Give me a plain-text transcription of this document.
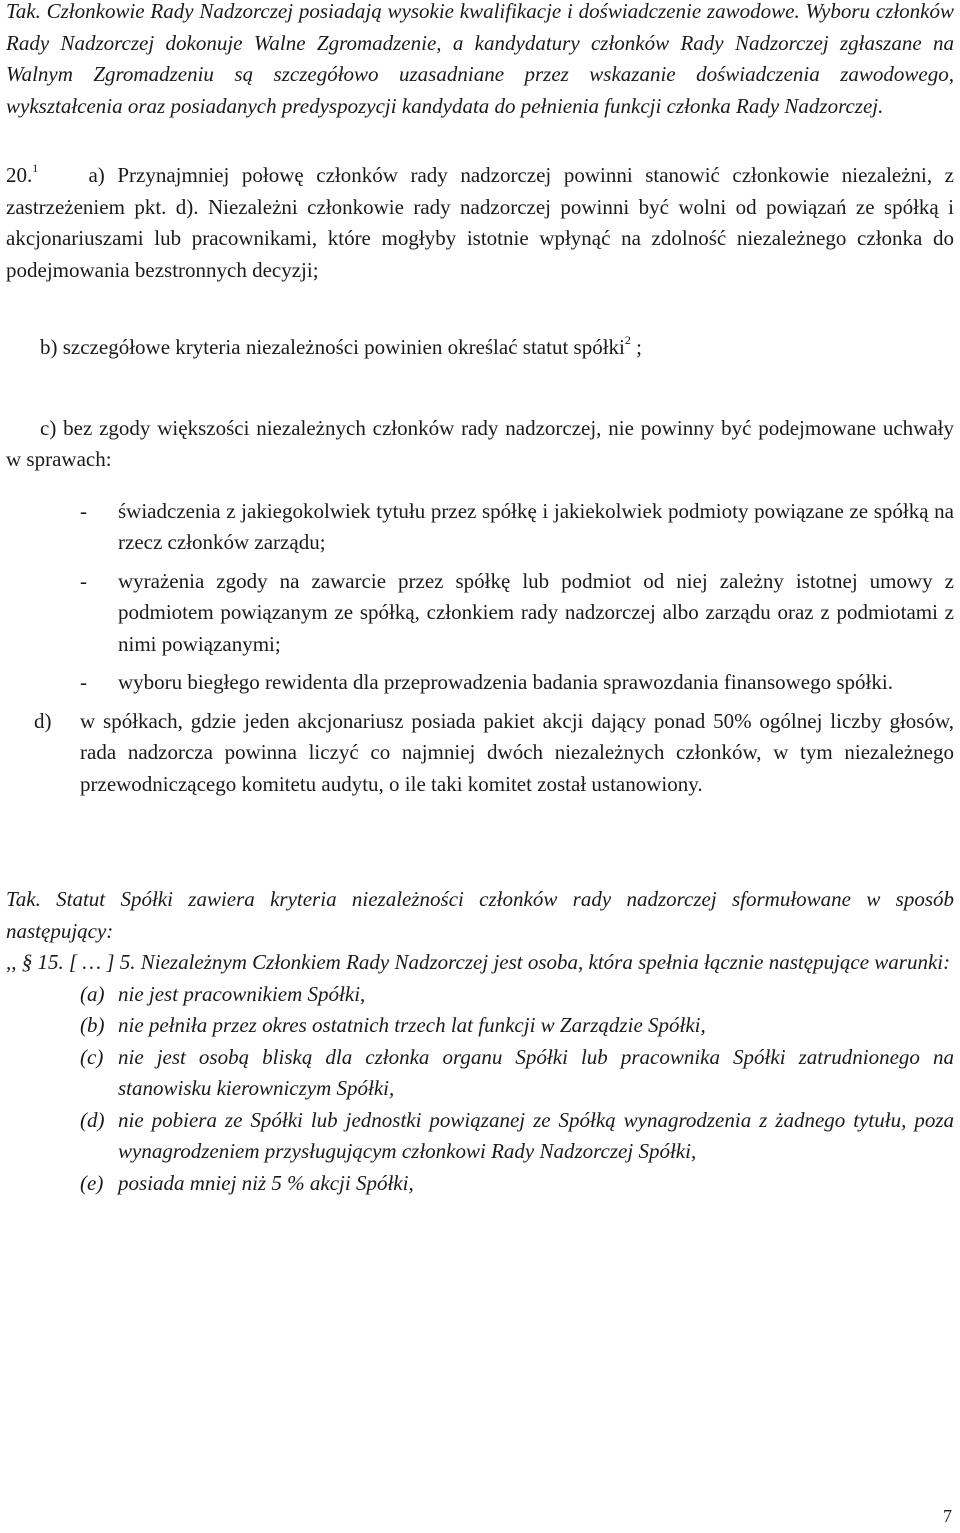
Tak. Członkowie Rady Nadzorczej posiadają wysokie kwalifikacje i doświadczenie zawodowe. Wyboru członków Rady Nadzorczej dokonuje Walne Zgromadzenie, a kandydatury członków Rady Nadzorczej zgłaszane na Walnym Zgromadzeniu są szczegółowo uzasadniane przez wskazanie doświadczenia zawodowego, wykształcenia oraz posiadanych predyspozycji kandydata do pełnienia funkcji członka Rady Nadzorczej.

20.$^1$ a) Przynajmniej połowę członków rady nadzorczej powinni stanowić członkowie niezależni, z zastrzeżeniem pkt. d). Niezależni członkowie rady nadzorczej powinni być wolni od powiązań ze spółką i akcjonariuszami lub pracownikami, które mogłyby istotnie wpłynąć na zdolność niezależnego członka do podejmowania bezstronnych decyzji;

b) szczegółowe kryteria niezależności powinien określać statut spółki$^2$ ;

c) bez zgody większości niezależnych członków rady nadzorczej, nie powinny być podejmowane uchwały w sprawach:

- świadczenia z jakiegokolwiek tytułu przez spółkę i jakiekolwiek podmioty powiązane ze spółką na rzecz członków zarządu;
- wyrażenia zgody na zawarcie przez spółkę lub podmiot od niej zależny istotnej umowy z podmiotem powiązanym ze spółką, członkiem rady nadzorczej albo zarządu oraz z podmiotami z nimi powiązanymi;
- wyboru biegłego rewidenta dla przeprowadzenia badania sprawozdania finansowego spółki.
d) w spółkach, gdzie jeden akcjonariusz posiada pakiet akcji dający ponad 50% ogólnej liczby głosów, rada nadzorcza powinna liczyć co najmniej dwóch niezależnych członków, w tym niezależnego przewodniczącego komitetu audytu, o ile taki komitet został ustanowiony.

Tak. Statut Spółki zawiera kryteria niezależności członków rady nadzorczej sformułowane w sposób następujący:

,, § 15. [ … ] 5. Niezależnym Członkiem Rady Nadzorczej jest osoba, która spełnia łącznie następujące warunki:
(a) nie jest pracownikiem Spółki,
(b) nie pełniła przez okres ostatnich trzech lat funkcji w Zarządzie Spółki,
(c) nie jest osobą bliską dla członka organu Spółki lub pracownika Spółki zatrudnionego na stanowisku kierowniczym Spółki,
(d) nie pobiera ze Spółki lub jednostki powiązanej ze Spółką wynagrodzenia z żadnego tytułu, poza wynagrodzeniem przysługującym członkowi Rady Nadzorczej Spółki,
(e) posiada mniej niż 5 % akcji Spółki,
7
